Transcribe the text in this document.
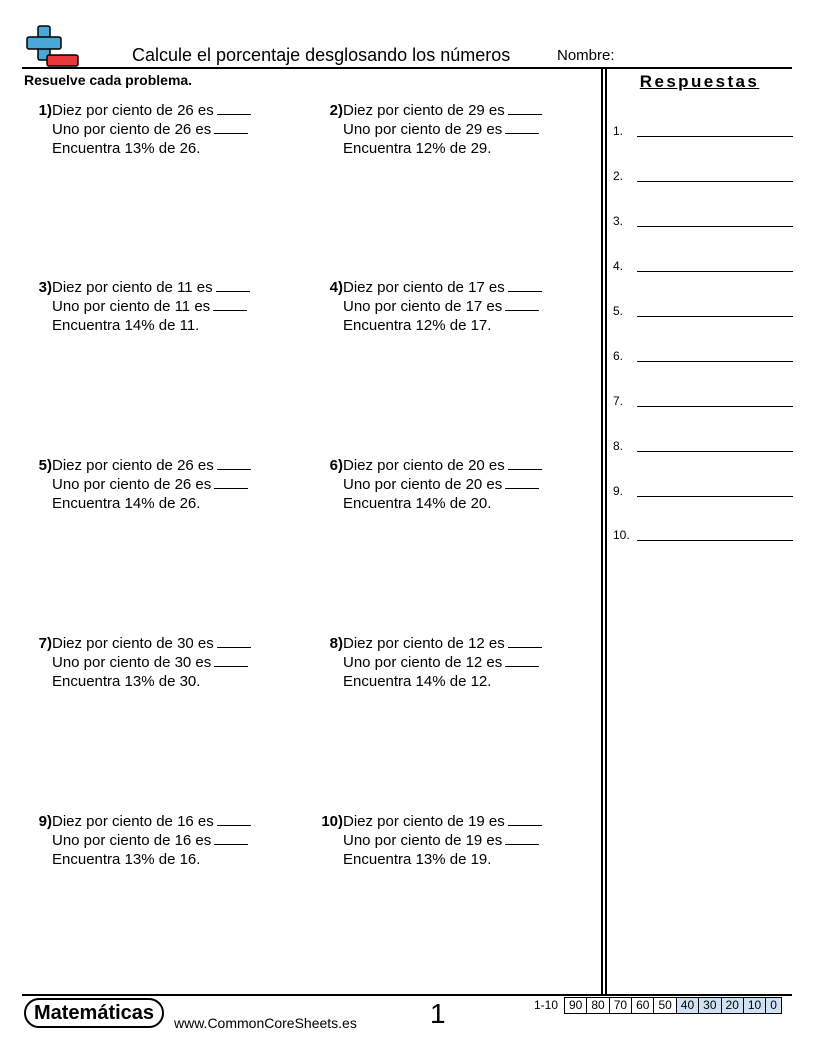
Calcule el porcentaje desglosando los números	Nombre:
Resuelve cada problema.	Respuestas
1.
2.
3.
4.
5.
6.
7.
8.
9.
10.
1) Diez por ciento de 26 es
Uno por ciento de 26 es
Encuentra 13% de 26.
2) Diez por ciento de 29 es
Uno por ciento de 29 es
Encuentra 12% de 29.
3) Diez por ciento de 11 es
Uno por ciento de 11 es
Encuentra 14% de 11.
4) Diez por ciento de 17 es
Uno por ciento de 17 es
Encuentra 12% de 17.
5) Diez por ciento de 26 es
Uno por ciento de 26 es
Encuentra 14% de 26.
6) Diez por ciento de 20 es
Uno por ciento de 20 es
Encuentra 14% de 20.
7) Diez por ciento de 30 es
Uno por ciento de 30 es
Encuentra 13% de 30.
8) Diez por ciento de 12 es
Uno por ciento de 12 es
Encuentra 14% de 12.
9) Diez por ciento de 16 es
Uno por ciento de 16 es
Encuentra 13% de 16.
10) Diez por ciento de 19 es
Uno por ciento de 19 es
Encuentra 13% de 19.
Matemáticas	www.CommonCoreSheets.es	1	1-10 90 80 70 60 50 40 30 20 10 0
